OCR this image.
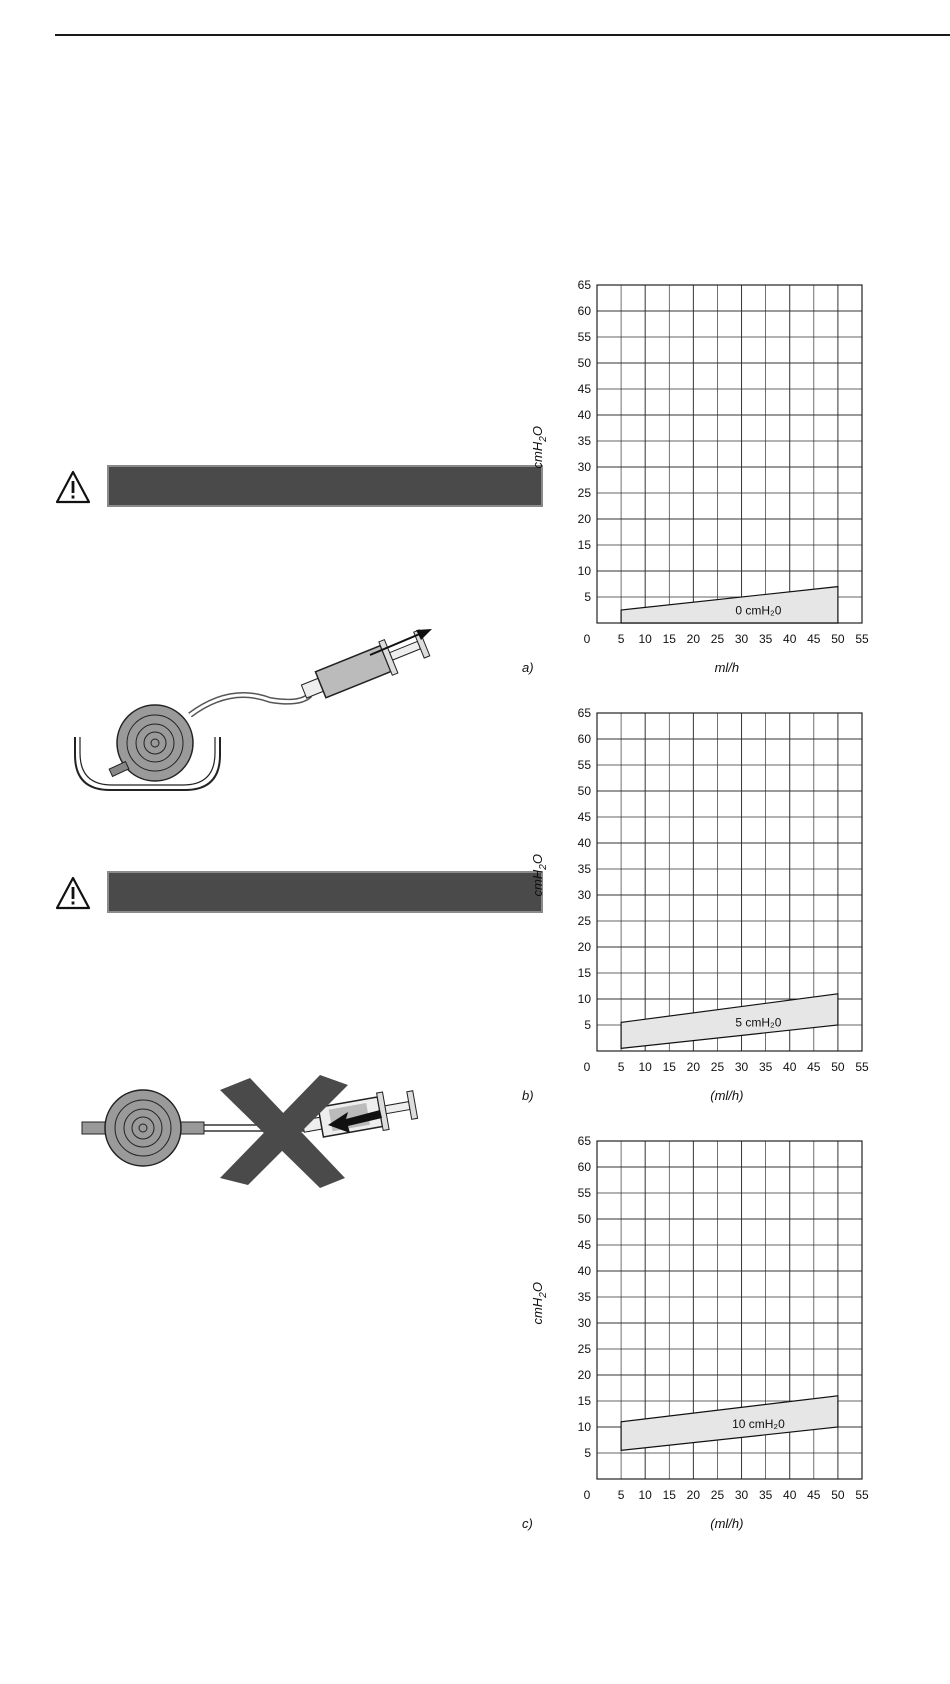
0 cmH₂0
5
10
15
20
25
30
35
40
45
50
55
60
65
0 5 10 15 20 25 30 35 40 45 50 55
ml/h
cmH$_2$O
a)
5 cmH₂0
5
10
15
20
25
30
35
40
45
50
55
60
65
0 5 10 15 20 25 30 35 40 45 50 55
(ml/h)
cmH$_2$O
b)
10 cmH₂0
5
10
15
20
25
30
35
40
45
50
55
60
65
0 5 10 15 20 25 30 35 40 45 50 55
(ml/h)
cmH$_2$O
c)
